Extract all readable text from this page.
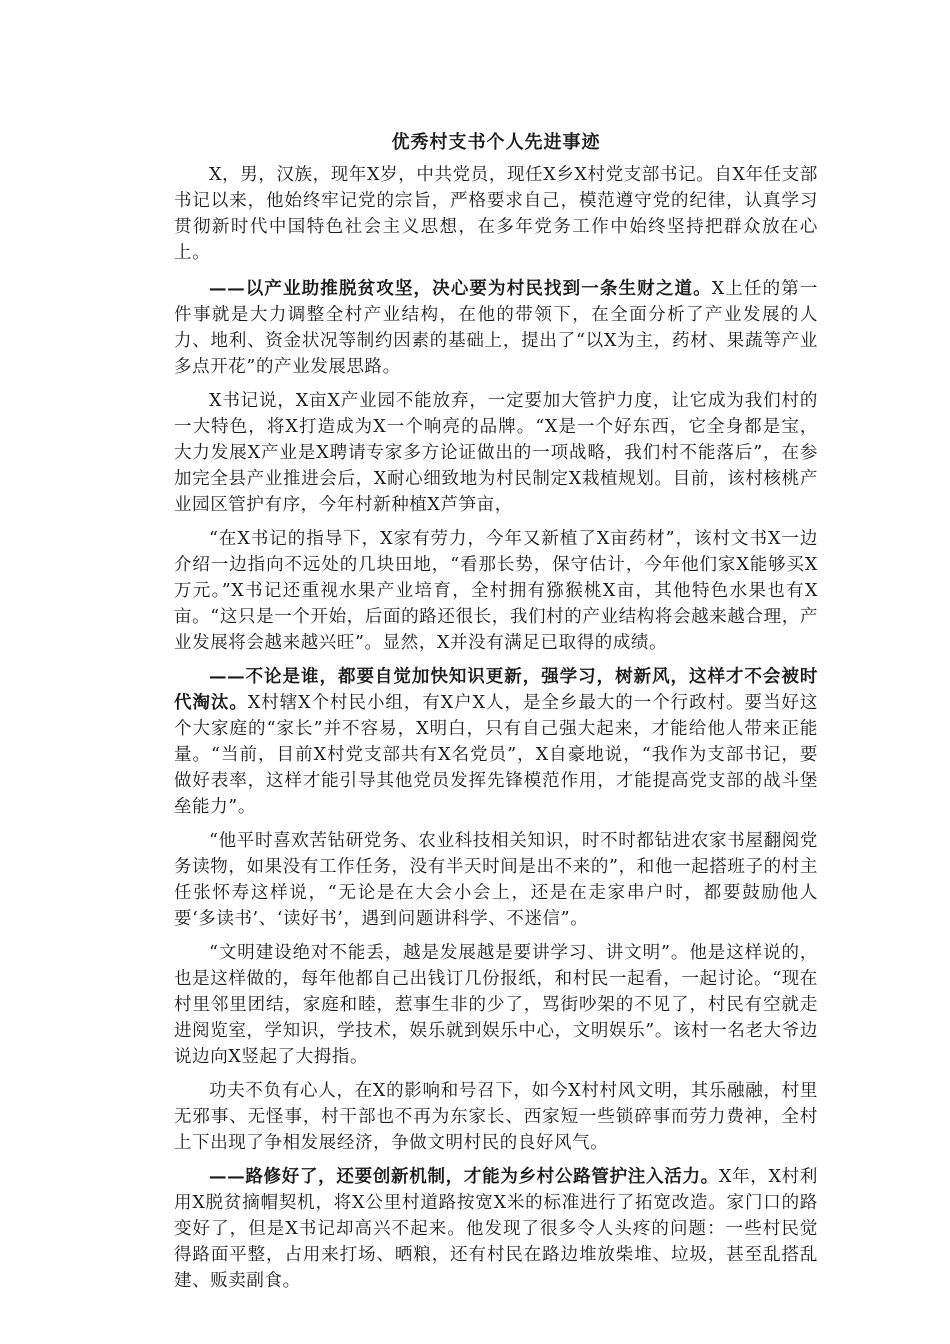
优秀村支书个人先进事迹

X，男，汉族，现年X岁，中共党员，现任X乡X村党支部书记。自X年任支部书记以来，他始终牢记党的宗旨，严格要求自己，模范遵守党的纪律，认真学习贯彻新时代中国特色社会主义思想，在多年党务工作中始终坚持把群众放在心上。

——以产业助推脱贫攻坚，决心要为村民找到一条生财之道。X上任的第一件事就是大力调整全村产业结构，在他的带领下，在全面分析了产业发展的人力、地利、资金状况等制约因素的基础上，提出了“以X为主，药材、果蔬等产业多点开花”的产业发展思路。

X书记说，X亩X产业园不能放弃，一定要加大管护力度，让它成为我们村的一大特色，将X打造成为X一个响亮的品牌。“X是一个好东西，它全身都是宝，大力发展X产业是X聘请专家多方论证做出的一项战略，我们村不能落后”，在参加完全县产业推进会后，X耐心细致地为村民制定X栽植规划。目前，该村核桃产业园区管护有序，今年村新种植X芦笋亩，

“在X书记的指导下，X家有劳力，今年又新植了X亩药材”，该村文书X一边介绍一边指向不远处的几块田地，“看那长势，保守估计，今年他们家X能够买X万元。”X书记还重视水果产业培育，全村拥有猕猴桃X亩，其他特色水果也有X亩。“这只是一个开始，后面的路还很长，我们村的产业结构将会越来越合理，产业发展将会越来越兴旺”。显然，X并没有满足已取得的成绩。

——不论是谁，都要自觉加快知识更新，强学习，树新风，这样才不会被时代淘汰。X村辖X个村民小组，有X户X人，是全乡最大的一个行政村。要当好这个大家庭的“家长”并不容易，X明白，只有自己强大起来，才能给他人带来正能量。“当前，目前X村党支部共有X名党员”，X自豪地说，“我作为支部书记，要做好表率，这样才能引导其他党员发挥先锋模范作用，才能提高党支部的战斗堡垒能力”。

“他平时喜欢苦钻研党务、农业科技相关知识，时不时都钻进农家书屋翻阅党务读物，如果没有工作任务，没有半天时间是出不来的”，和他一起搭班子的村主任张怀寿这样说，“无论是在大会小会上，还是在走家串户时，都要鼓励他人要‘多读书’、‘读好书’，遇到问题讲科学、不迷信”。

“文明建设绝对不能丢，越是发展越是要讲学习、讲文明”。他是这样说的，也是这样做的，每年他都自己出钱订几份报纸，和村民一起看，一起讨论。“现在村里邻里团结，家庭和睦，惹事生非的少了，骂街吵架的不见了，村民有空就走进阅览室，学知识，学技术，娱乐就到娱乐中心，文明娱乐”。该村一名老大爷边说边向X竖起了大拇指。

功夫不负有心人，在X的影响和号召下，如今X村村风文明，其乐融融，村里无邪事、无怪事，村干部也不再为东家长、西家短一些锁碎事而劳力费神，全村上下出现了争相发展经济，争做文明村民的良好风气。

——路修好了，还要创新机制，才能为乡村公路管护注入活力。X年，X村利用X脱贫摘帽契机，将X公里村道路按宽X米的标准进行了拓宽改造。家门口的路变好了，但是X书记却高兴不起来。他发现了很多令人头疼的问题：一些村民觉得路面平整，占用来打场、晒粮，还有村民在路边堆放柴堆、垃圾，甚至乱搭乱建、贩卖副食。
